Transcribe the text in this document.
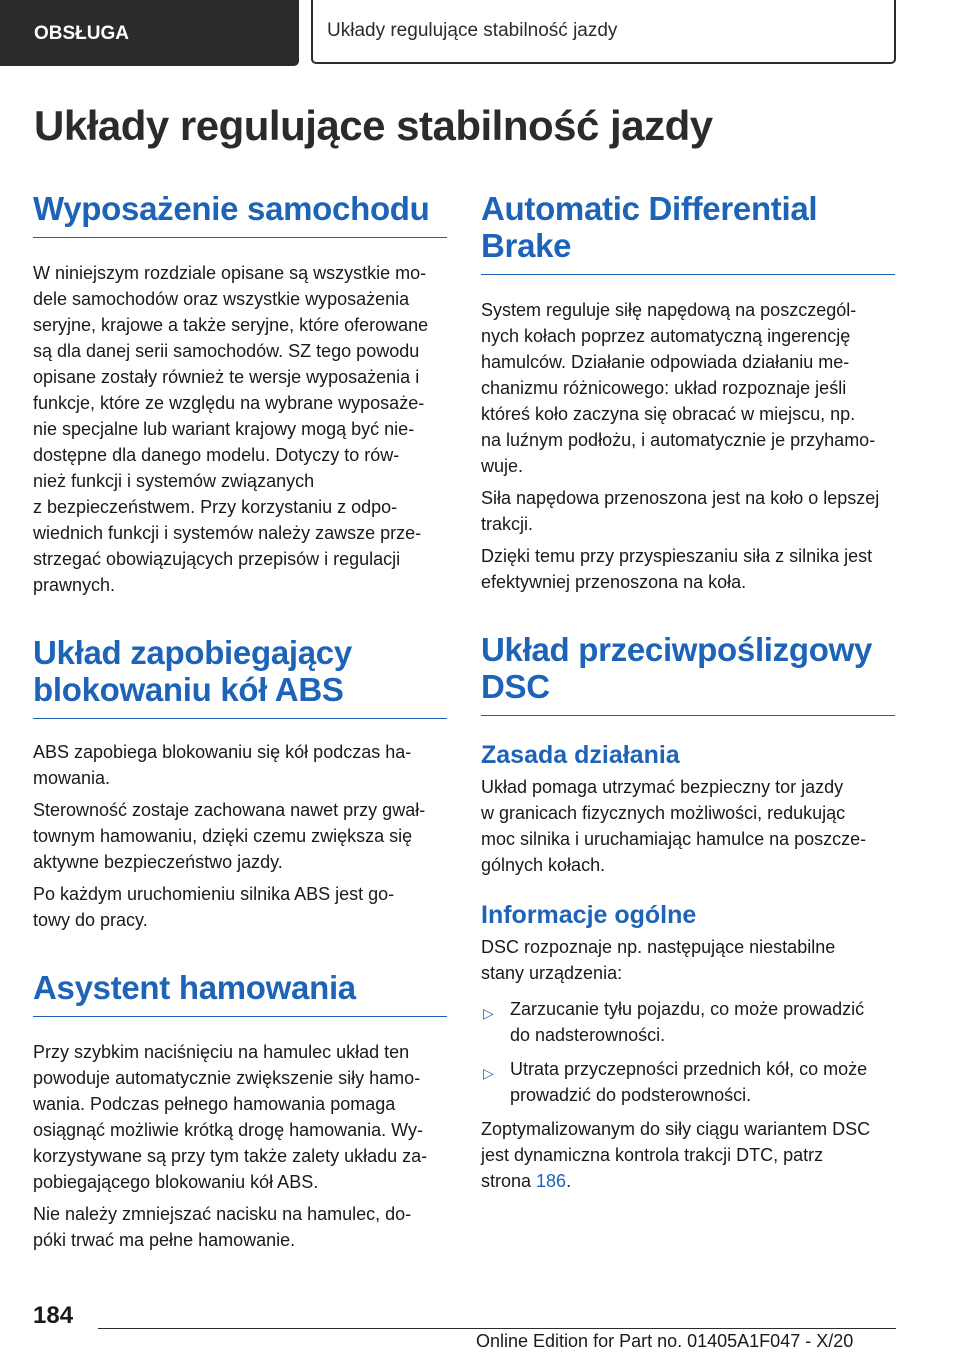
OBSŁUGA	Układy regulujące stabilność jazdy
Układy regulujące stabilność jazdy
Wyposażenie samochodu

W niniejszym rozdziale opisane są wszystkie mo-
dele samochodów oraz wszystkie wyposażenia
seryjne, krajowe a także seryjne, które oferowane
są dla danej serii samochodów. SZ tego powodu
opisane zostały również te wersje wyposażenia i
funkcje, które ze względu na wybrane wyposaże-
nie specjalne lub wariant krajowy mogą być nie-
dostępne dla danego modelu. Dotyczy to rów-
nież funkcji i systemów związanych
z bezpieczeństwem. Przy korzystaniu z odpo-
wiednich funkcji i systemów należy zawsze prze-
strzegać obowiązujących przepisów i regulacji
prawnych.

Układ zapobiegający
blokowaniu kół ABS

ABS zapobiega blokowaniu się kół podczas ha-
mowania.

Sterowność zostaje zachowana nawet przy gwał-
townym hamowaniu, dzięki czemu zwiększa się
aktywne bezpieczeństwo jazdy.

Po każdym uruchomieniu silnika ABS jest go-
towy do pracy.

Asystent hamowania

Przy szybkim naciśnięciu na hamulec układ ten
powoduje automatycznie zwiększenie siły hamo-
wania. Podczas pełnego hamowania pomaga
osiągnąć możliwie krótką drogę hamowania. Wy-
korzystywane są przy tym także zalety układu za-
pobiegającego blokowaniu kół ABS.

Nie należy zmniejszać nacisku na hamulec, do-
póki trwać ma pełne hamowanie.

Automatic Differential
Brake

System reguluje siłę napędową na poszczegól-
nych kołach poprzez automatyczną ingerencję
hamulców. Działanie odpowiada działaniu me-
chanizmu różnicowego: układ rozpoznaje jeśli
któreś koło zaczyna się obracać w miejscu, np.
na luźnym podłożu, i automatycznie je przyhamo-
wuje.

Siła napędowa przenoszona jest na koło o lepszej
trakcji.

Dzięki temu przy przyspieszaniu siła z silnika jest
efektywniej przenoszona na koła.

Układ przeciwpoślizgowy
DSC
Zasada działania

Układ pomaga utrzymać bezpieczny tor jazdy
w granicach fizycznych możliwości, redukując
moc silnika i uruchamiając hamulce na poszcze-
gólnych kołach.

Informacje ogólne

DSC rozpoznaje np. następujące niestabilne
stany urządzenia:

▷ Zarzucanie tyłu pojazdu, co może prowadzić
do nadsterowności.
▷ Utrata przyczepności przednich kół, co może
prowadzić do podsterowności.

Zoptymalizowanym do siły ciągu wariantem DSC
jest dynamiczna kontrola trakcji DTC, patrz
strona 186.

184
Online Edition for Part no. 01405A1F047 - X/20
